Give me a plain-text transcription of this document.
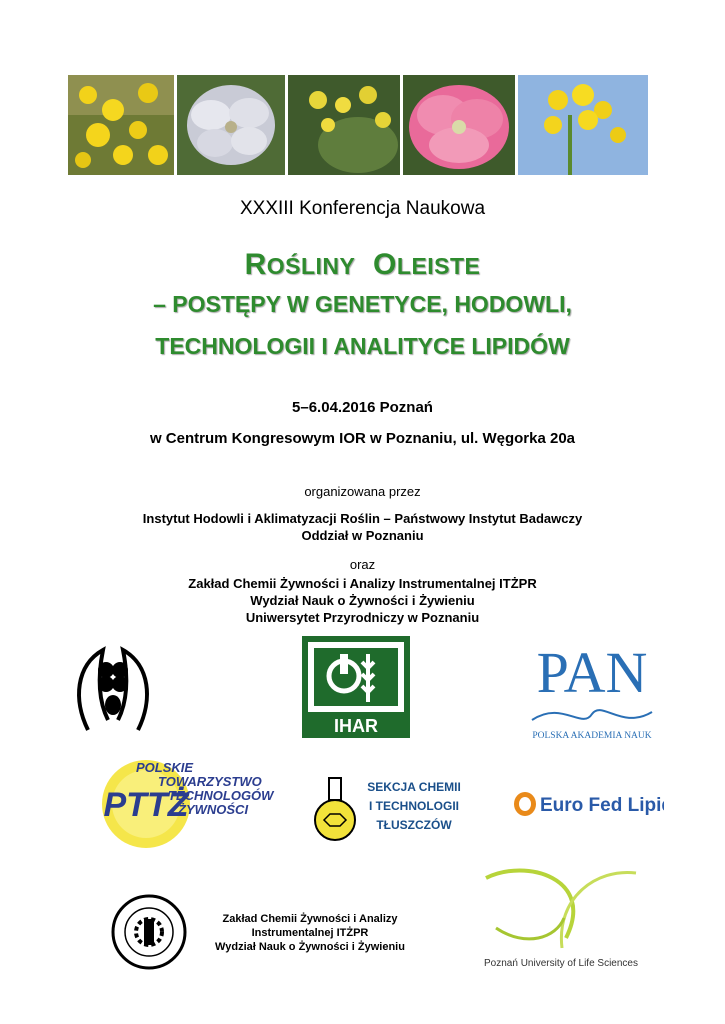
XXXIII Konferencja Naukowa
ROŚLINY OLEISTE
– POSTĘPY W GENETYCE, HODOWLI,
TECHNOLOGII I ANALITYCE LIPIDÓW
5–6.04.2016 Poznań
w Centrum Kongresowym IOR w Poznaniu, ul. Węgorka 20a
organizowana przez
Instytut Hodowli i Aklimatyzacji Roślin – Państwowy Instytut Badawczy
Oddział w Poznaniu
oraz
Zakład Chemii Żywności i Analizy Instrumentalnej ITŻPR
Wydział Nauk o Żywności i Żywieniu
Uniwersytet Przyrodniczy w Poznaniu
IHAR
PAN
POLSKA AKADEMIA NAUK
PTTŻ
POLSKIE
TOWARZYSTWO
TECHNOLOGÓW
ŻYWNOŚCI
SEKCJA CHEMII
I TECHNOLOGII
TŁUSZCZÓW
Euro Fed Lipid
Zakład Chemii Żywności i Analizy
Instrumentalnej ITŻPR
Wydział Nauk o Żywności i Żywieniu
Poznań University of Life Sciences
